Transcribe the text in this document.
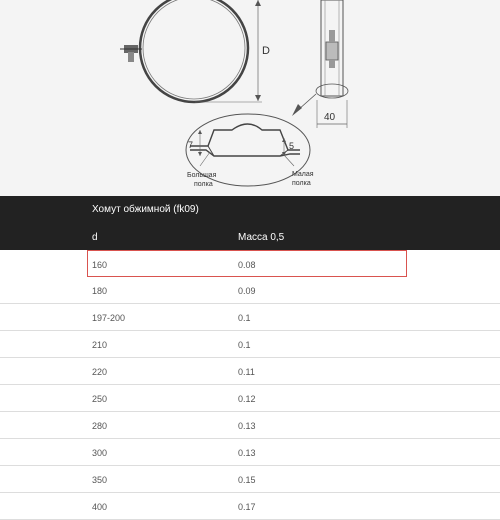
D
40
7	5
Большая
полка
Малая
полка
Хомут обжимной (fk09)
d	Масса 0,5
160	0.08
180	0.09
197-200	0.1
210	0.1
220	0.11
250	0.12
280	0.13
300	0.13
350	0.15
400	0.17
